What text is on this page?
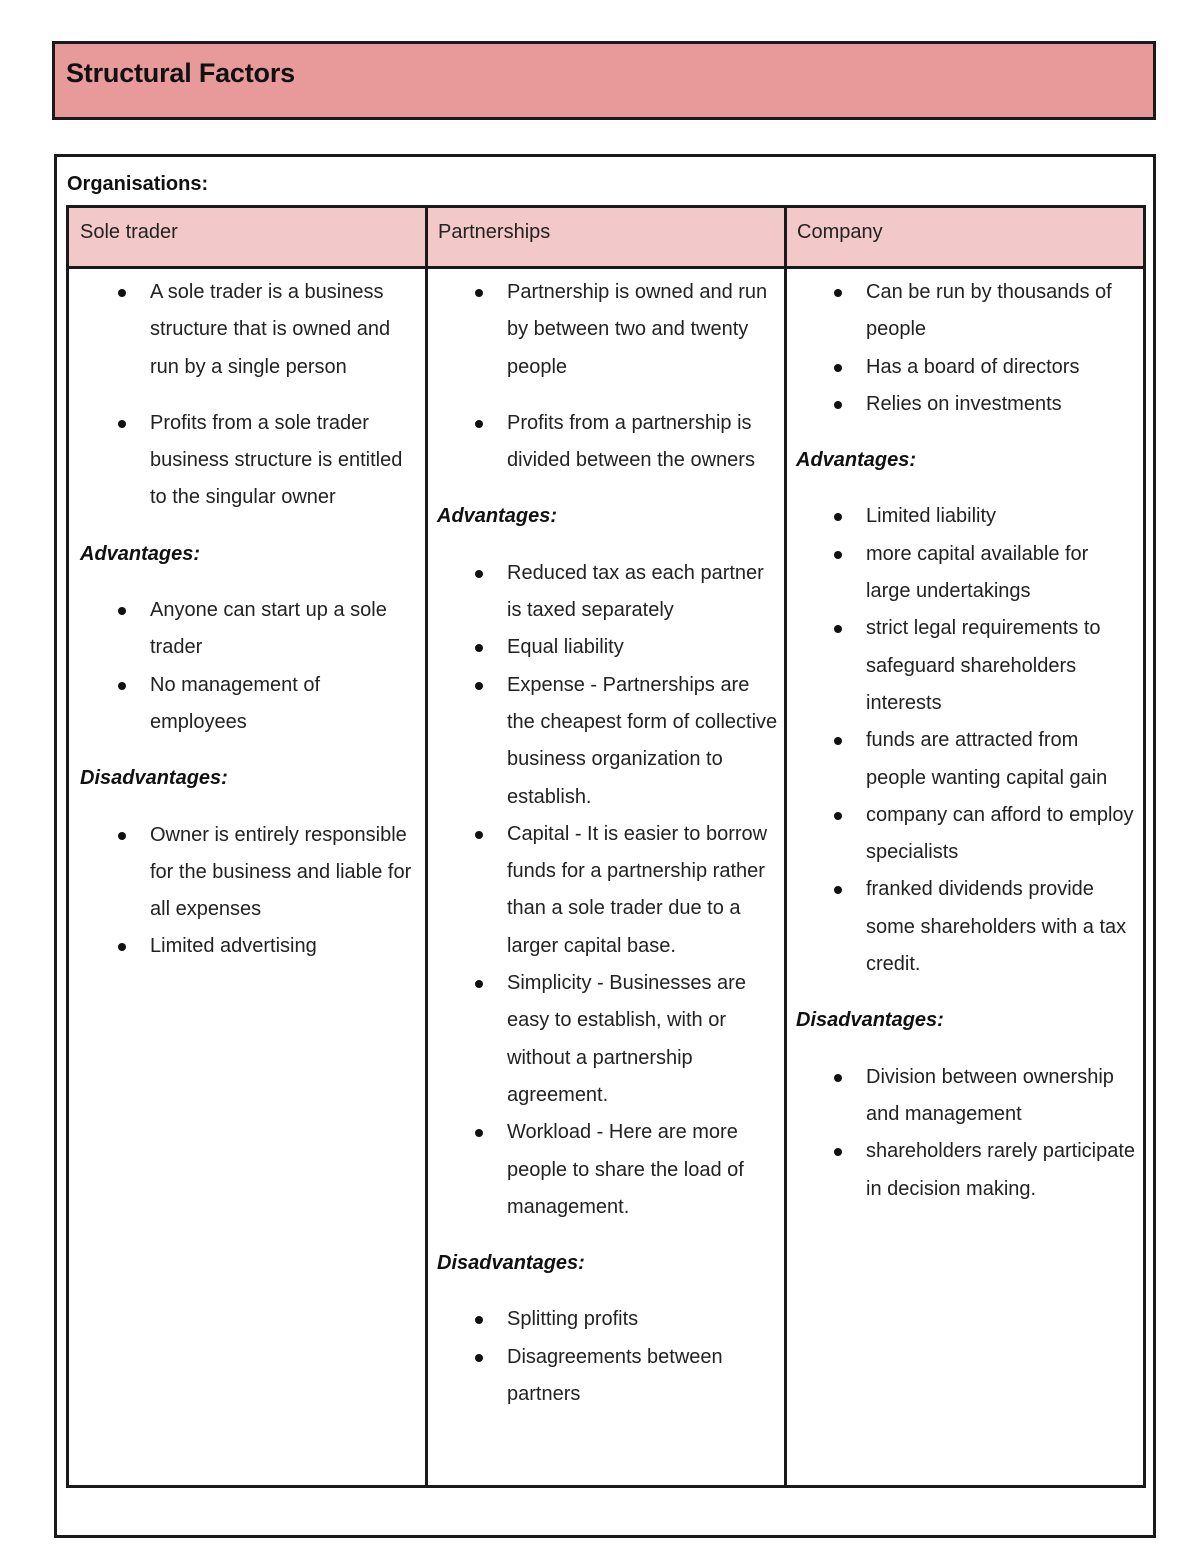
Structural Factors
Organisations:
Sole trader	Partnerships	Company
A sole trader is a business structure that is owned and run by a single person
Profits from a sole trader business structure is entitled to the singular owner
Advantages:
Anyone can start up a sole trader
No management of employees
Disadvantages:
Owner is entirely responsible for the business and liable for all expenses
Limited advertising
Partnership is owned and run by between two and twenty people
Profits from a partnership is divided between the owners
Advantages:
Reduced tax as each partner is taxed separately
Equal liability
Expense - Partnerships are the cheapest form of collective business organization to establish.
Capital - It is easier to borrow funds for a partnership rather than a sole trader due to a larger capital base.
Simplicity - Businesses are easy to establish, with or without a partnership agreement.
Workload - Here are more people to share the load of management.
Disadvantages:
Splitting profits
Disagreements between partners
Can be run by thousands of people
Has a board of directors
Relies on investments
Advantages:
Limited liability
more capital available for large undertakings
strict legal requirements to safeguard shareholders interests
funds are attracted from people wanting capital gain
company can afford to employ specialists
franked dividends provide some shareholders with a tax credit.
Disadvantages:
Division between ownership and management
shareholders rarely participate in decision making.
